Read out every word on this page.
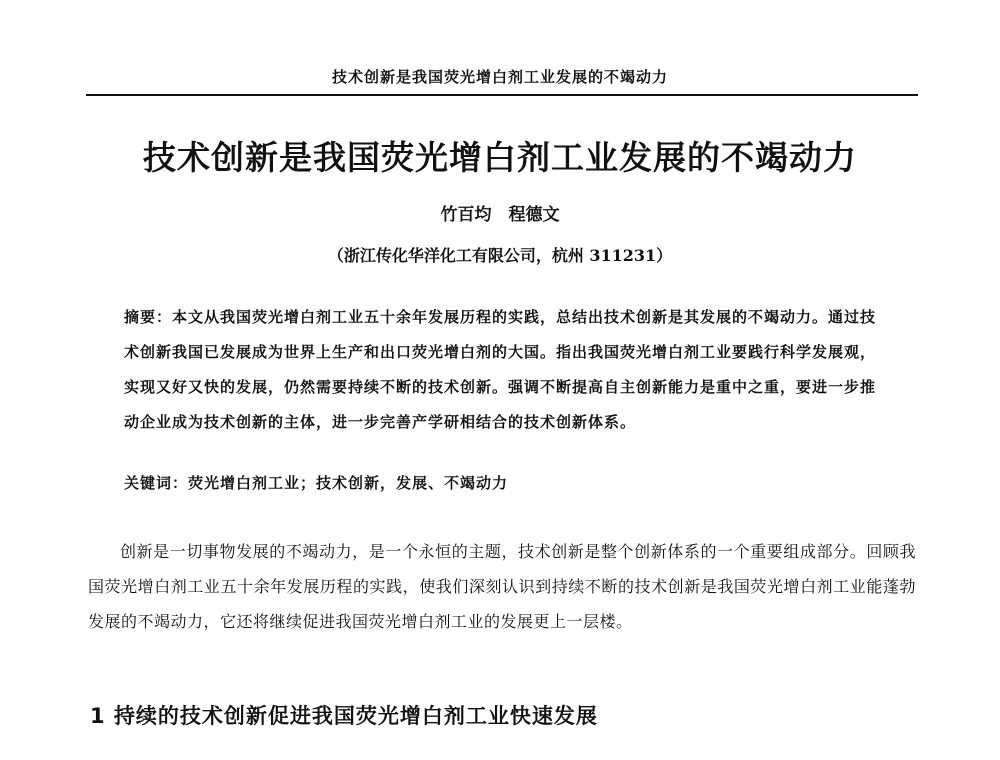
技术创新是我国荧光增白剂工业发展的不竭动力
技术创新是我国荧光增白剂工业发展的不竭动力
竹百均　程德文
（浙江传化华洋化工有限公司，杭州 311231）
摘要：本文从我国荧光增白剂工业五十余年发展历程的实践，总结出技术创新是其发展的不竭动力。通过技术创新我国已发展成为世界上生产和出口荧光增白剂的大国。指出我国荧光增白剂工业要践行科学发展观，实现又好又快的发展，仍然需要持续不断的技术创新。强调不断提高自主创新能力是重中之重，要进一步推动企业成为技术创新的主体，进一步完善产学研相结合的技术创新体系。
关键词：荧光增白剂工业；技术创新，发展、不竭动力

创新是一切事物发展的不竭动力，是一个永恒的主题，技术创新是整个创新体系的一个重要组成部分。回顾我国荧光增白剂工业五十余年发展历程的实践，使我们深刻认识到持续不断的技术创新是我国荧光增白剂工业能蓬勃发展的不竭动力，它还将继续促进我国荧光增白剂工业的发展更上一层楼。

1 持续的技术创新促进我国荧光增白剂工业快速发展
